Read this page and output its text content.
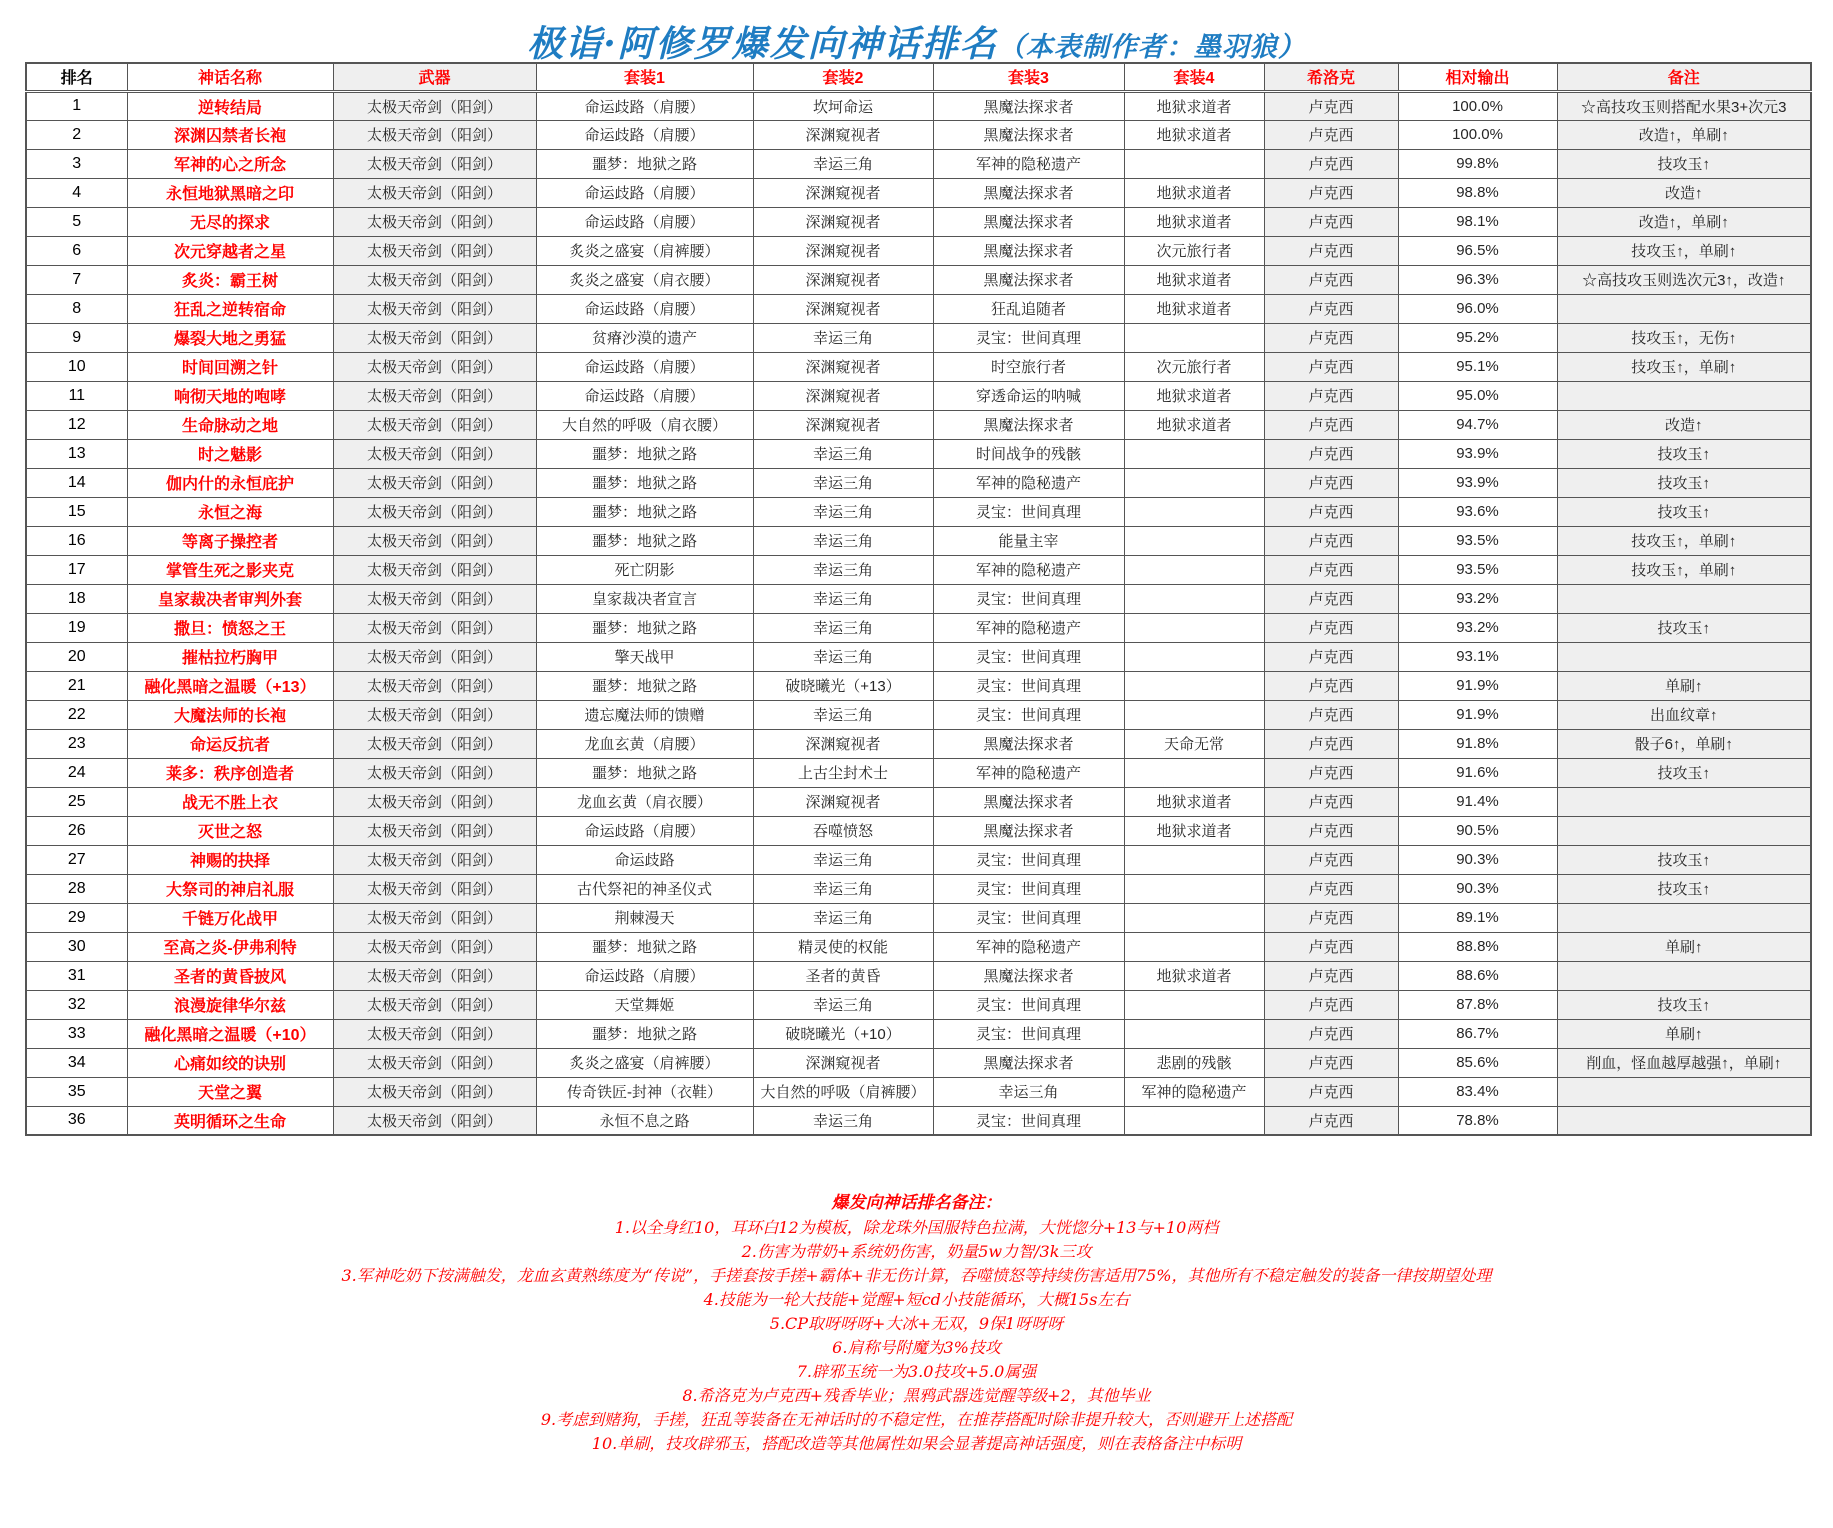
极诣·阿修罗爆发向神话排名（本表制作者：墨羽狼）
排名	神话名称	武器	套装1	套装2	套装3	套装4	希洛克	相对输出	备注
1	逆转结局	太极天帝剑（阳剑）	命运歧路（肩腰）	坎坷命运	黑魔法探求者	地狱求道者	卢克西	100.0%	☆高技攻玉则搭配水果3+次元3
2	深渊囚禁者长袍	太极天帝剑（阳剑）	命运歧路（肩腰）	深渊窥视者	黑魔法探求者	地狱求道者	卢克西	100.0%	改造↑，单刷↑
3	军神的心之所念	太极天帝剑（阳剑）	噩梦：地狱之路	幸运三角	军神的隐秘遗产		卢克西	99.8%	技攻玉↑
4	永恒地狱黑暗之印	太极天帝剑（阳剑）	命运歧路（肩腰）	深渊窥视者	黑魔法探求者	地狱求道者	卢克西	98.8%	改造↑
5	无尽的探求	太极天帝剑（阳剑）	命运歧路（肩腰）	深渊窥视者	黑魔法探求者	地狱求道者	卢克西	98.1%	改造↑，单刷↑
6	次元穿越者之星	太极天帝剑（阳剑）	炙炎之盛宴（肩裤腰）	深渊窥视者	黑魔法探求者	次元旅行者	卢克西	96.5%	技攻玉↑，单刷↑
7	炙炎：霸王树	太极天帝剑（阳剑）	炙炎之盛宴（肩衣腰）	深渊窥视者	黑魔法探求者	地狱求道者	卢克西	96.3%	☆高技攻玉则选次元3↑，改造↑
8	狂乱之逆转宿命	太极天帝剑（阳剑）	命运歧路（肩腰）	深渊窥视者	狂乱追随者	地狱求道者	卢克西	96.0%	
9	爆裂大地之勇猛	太极天帝剑（阳剑）	贫瘠沙漠的遗产	幸运三角	灵宝：世间真理		卢克西	95.2%	技攻玉↑，无伤↑
10	时间回溯之针	太极天帝剑（阳剑）	命运歧路（肩腰）	深渊窥视者	时空旅行者	次元旅行者	卢克西	95.1%	技攻玉↑，单刷↑
11	响彻天地的咆哮	太极天帝剑（阳剑）	命运歧路（肩腰）	深渊窥视者	穿透命运的呐喊	地狱求道者	卢克西	95.0%	
12	生命脉动之地	太极天帝剑（阳剑）	大自然的呼吸（肩衣腰）	深渊窥视者	黑魔法探求者	地狱求道者	卢克西	94.7%	改造↑
13	时之魅影	太极天帝剑（阳剑）	噩梦：地狱之路	幸运三角	时间战争的残骸		卢克西	93.9%	技攻玉↑
14	伽内什的永恒庇护	太极天帝剑（阳剑）	噩梦：地狱之路	幸运三角	军神的隐秘遗产		卢克西	93.9%	技攻玉↑
15	永恒之海	太极天帝剑（阳剑）	噩梦：地狱之路	幸运三角	灵宝：世间真理		卢克西	93.6%	技攻玉↑
16	等离子操控者	太极天帝剑（阳剑）	噩梦：地狱之路	幸运三角	能量主宰		卢克西	93.5%	技攻玉↑，单刷↑
17	掌管生死之影夹克	太极天帝剑（阳剑）	死亡阴影	幸运三角	军神的隐秘遗产		卢克西	93.5%	技攻玉↑，单刷↑
18	皇家裁决者审判外套	太极天帝剑（阳剑）	皇家裁决者宣言	幸运三角	灵宝：世间真理		卢克西	93.2%	
19	撒旦：愤怒之王	太极天帝剑（阳剑）	噩梦：地狱之路	幸运三角	军神的隐秘遗产		卢克西	93.2%	技攻玉↑
20	摧枯拉朽胸甲	太极天帝剑（阳剑）	擎天战甲	幸运三角	灵宝：世间真理		卢克西	93.1%	
21	融化黑暗之温暖（+13）	太极天帝剑（阳剑）	噩梦：地狱之路	破晓曦光（+13）	灵宝：世间真理		卢克西	91.9%	单刷↑
22	大魔法师的长袍	太极天帝剑（阳剑）	遗忘魔法师的馈赠	幸运三角	灵宝：世间真理		卢克西	91.9%	出血纹章↑
23	命运反抗者	太极天帝剑（阳剑）	龙血玄黄（肩腰）	深渊窥视者	黑魔法探求者	天命无常	卢克西	91.8%	骰子6↑，单刷↑
24	莱多：秩序创造者	太极天帝剑（阳剑）	噩梦：地狱之路	上古尘封术士	军神的隐秘遗产		卢克西	91.6%	技攻玉↑
25	战无不胜上衣	太极天帝剑（阳剑）	龙血玄黄（肩衣腰）	深渊窥视者	黑魔法探求者	地狱求道者	卢克西	91.4%	
26	灭世之怒	太极天帝剑（阳剑）	命运歧路（肩腰）	吞噬愤怒	黑魔法探求者	地狱求道者	卢克西	90.5%	
27	神赐的抉择	太极天帝剑（阳剑）	命运歧路	幸运三角	灵宝：世间真理		卢克西	90.3%	技攻玉↑
28	大祭司的神启礼服	太极天帝剑（阳剑）	古代祭祀的神圣仪式	幸运三角	灵宝：世间真理		卢克西	90.3%	技攻玉↑
29	千链万化战甲	太极天帝剑（阳剑）	荆棘漫天	幸运三角	灵宝：世间真理		卢克西	89.1%	
30	至高之炎-伊弗利特	太极天帝剑（阳剑）	噩梦：地狱之路	精灵使的权能	军神的隐秘遗产		卢克西	88.8%	单刷↑
31	圣者的黄昏披风	太极天帝剑（阳剑）	命运歧路（肩腰）	圣者的黄昏	黑魔法探求者	地狱求道者	卢克西	88.6%	
32	浪漫旋律华尔兹	太极天帝剑（阳剑）	天堂舞姬	幸运三角	灵宝：世间真理		卢克西	87.8%	技攻玉↑
33	融化黑暗之温暖（+10）	太极天帝剑（阳剑）	噩梦：地狱之路	破晓曦光（+10）	灵宝：世间真理		卢克西	86.7%	单刷↑
34	心痛如绞的诀别	太极天帝剑（阳剑）	炙炎之盛宴（肩裤腰）	深渊窥视者	黑魔法探求者	悲剧的残骸	卢克西	85.6%	削血，怪血越厚越强↑，单刷↑
35	天堂之翼	太极天帝剑（阳剑）	传奇铁匠-封神（衣鞋）	大自然的呼吸（肩裤腰）	幸运三角	军神的隐秘遗产	卢克西	83.4%	
36	英明循环之生命	太极天帝剑（阳剑）	永恒不息之路	幸运三角	灵宝：世间真理		卢克西	78.8%	
爆发向神话排名备注：
1.以全身红10，耳环白12为模板，除龙珠外国服特色拉满，大恍惚分+13与+10两档
2.伤害为带奶+系统奶伤害，奶量5w力智/3k三攻
3.军神吃奶下按满触发，龙血玄黄熟练度为“传说”，手搓套按手搓+霸体+非无伤计算，吞噬愤怒等持续伤害适用75%，其他所有不稳定触发的装备一律按期望处理
4.技能为一轮大技能+觉醒+短cd小技能循环，大概15s左右
5.CP取呀呀呀+大冰+无双，9保1呀呀呀
6.肩称号附魔为3%技攻
7.辟邪玉统一为3.0技攻+5.0属强
8.希洛克为卢克西+残香毕业；黑鸦武器选觉醒等级+2，其他毕业
9.考虑到赌狗，手搓，狂乱等装备在无神话时的不稳定性，在推荐搭配时除非提升较大，否则避开上述搭配
10.单刷，技攻辟邪玉，搭配改造等其他属性如果会显著提高神话强度，则在表格备注中标明
